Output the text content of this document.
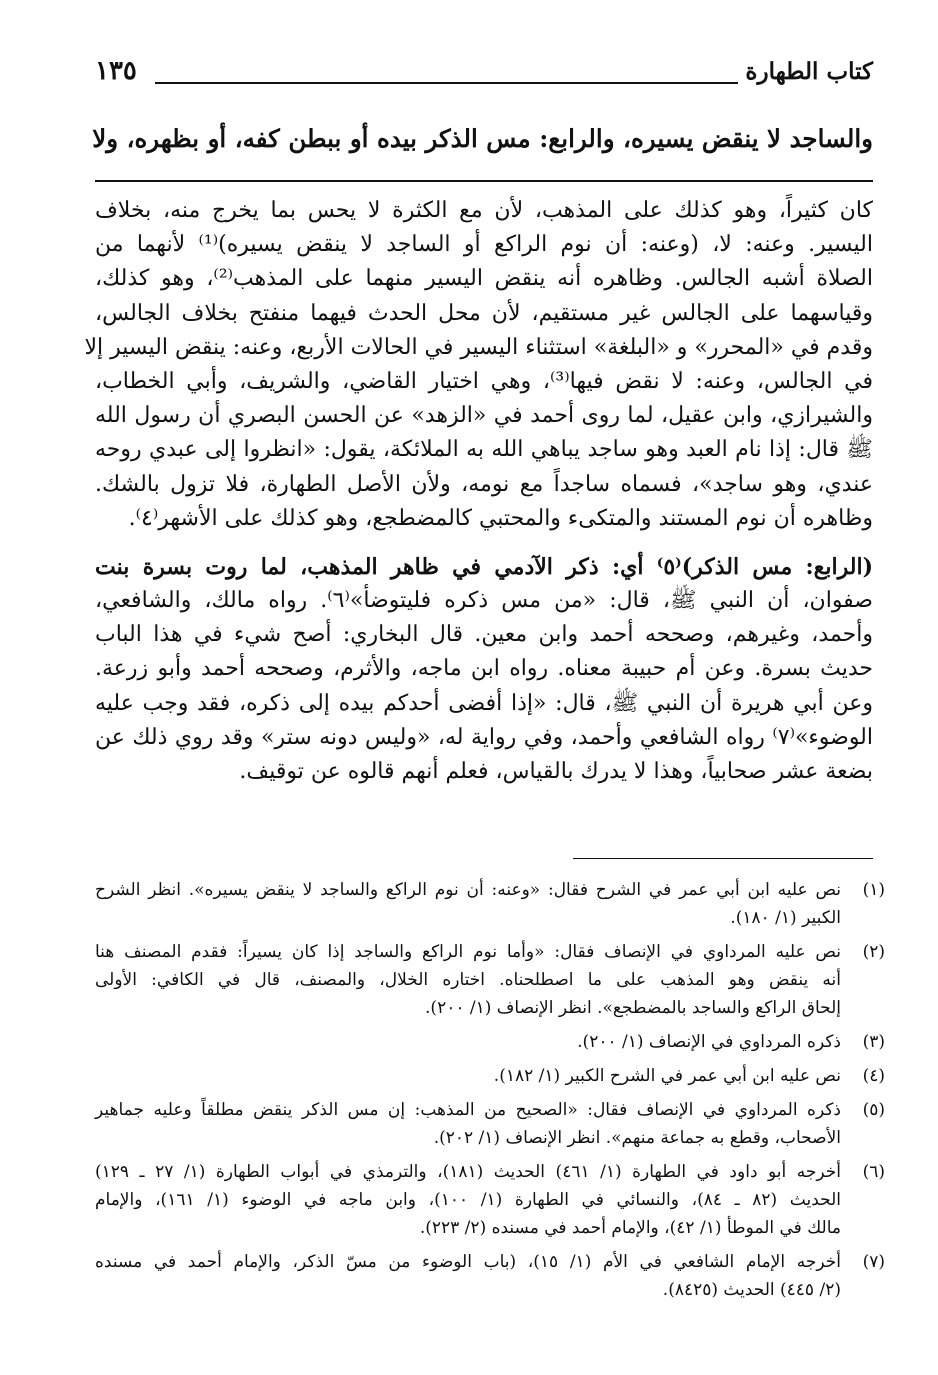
كتاب الطهارة
١٣٥
والساجد لا ينقض يسيره، والرابع: مس الذكر بيده أو ببطن كفه، أو بظهره، ولا
كان كثيراً، وهو كذلك على المذهب، لأن مع الكثرة لا يحس بما يخرج منه، بخلاف
اليسير. وعنه: لا، (وعنه: أن نوم الراكع أو الساجد لا ينقض يسيره)⁽¹⁾ لأنهما من
الصلاة أشبه الجالس. وظاهره أنه ينقض اليسير منهما على المذهب⁽²⁾، وهو كذلك،
وقياسهما على الجالس غير مستقيم، لأن محل الحدث فيهما منفتح بخلاف الجالس،
وقدم في «المحرر» و «البلغة» استثناء اليسير في الحالات الأربع، وعنه: ينقض اليسير إلا
في الجالس، وعنه: لا نقض فيها⁽³⁾، وهي اختيار القاضي، والشريف، وأبي الخطاب،
والشيرازي، وابن عقيل، لما روى أحمد في «الزهد» عن الحسن البصري أن رسول الله
ﷺ قال: إذا نام العبد وهو ساجد يباهي الله به الملائكة، يقول: «انظروا إلى عبدي روحه
عندي، وهو ساجد»، فسماه ساجداً مع نومه، ولأن الأصل الطهارة، فلا تزول بالشك.
وظاهره أن نوم المستند والمتكىء والمحتبي كالمضطجع، وهو كذلك على الأشهر⁽٤⁾.
(الرابع: مس الذكر)⁽٥⁾ أي: ذكر الآدمي في ظاهر المذهب، لما روت بسرة بنت
صفوان، أن النبي ﷺ، قال: «من مس ذكره فليتوضأ»⁽٦⁾. رواه مالك، والشافعي،
وأحمد، وغيرهم، وصححه أحمد وابن معين. قال البخاري: أصح شيء في هذا الباب
حديث بسرة. وعن أم حبيبة معناه. رواه ابن ماجه، والأثرم، وصححه أحمد وأبو زرعة.
وعن أبي هريرة أن النبي ﷺ، قال: «إذا أفضى أحدكم بيده إلى ذكره، فقد وجب عليه
الوضوء»⁽٧⁾ رواه الشافعي وأحمد، وفي رواية له، «وليس دونه ستر» وقد روي ذلك عن
بضعة عشر صحابياً، وهذا لا يدرك بالقياس، فعلم أنهم قالوه عن توقيف.
(١)
نص عليه ابن أبي عمر في الشرح فقال: «وعنه: أن نوم الراكع والساجد لا ينقض يسيره». انظر الشرح
الكبير (١/ ١٨٠).
(٢)
نص عليه المرداوي في الإنصاف فقال: «وأما نوم الراكع والساجد إذا كان يسيراً: فقدم المصنف هنا
أنه ينقض وهو المذهب على ما اصطلحناه. اختاره الخلال، والمصنف، قال في الكافي: الأولى
إلحاق الراكع والساجد بالمضطجع». انظر الإنصاف (١/ ٢٠٠).
(٣)
ذكره المرداوي في الإنصاف (١/ ٢٠٠).
(٤)
نص عليه ابن أبي عمر في الشرح الكبير (١/ ١٨٢).
(٥)
ذكره المرداوي في الإنصاف فقال: «الصحيح من المذهب: إن مس الذكر ينقض مطلقاً وعليه جماهير
الأصحاب، وقطع به جماعة منهم». انظر الإنصاف (١/ ٢٠٢).
(٦)
أخرجه أبو داود في الطهارة (١/ ٤٦١) الحديث (١٨١)، والترمذي في أبواب الطهارة (١/ ٢٧ ـ ١٢٩)
الحديث (٨٢ ـ ٨٤)، والنسائي في الطهارة (١/ ١٠٠)، وابن ماجه في الوضوء (١/ ١٦١)، والإمام
مالك في الموطأ (١/ ٤٢)، والإمام أحمد في مسنده (٢/ ٢٢٣).
(٧)
أخرجه الإمام الشافعي في الأم (١/ ١٥)، (باب الوضوء من مسّ الذكر، والإمام أحمد في مسنده
(٢/ ٤٤٥) الحديث (٨٤٢٥).
